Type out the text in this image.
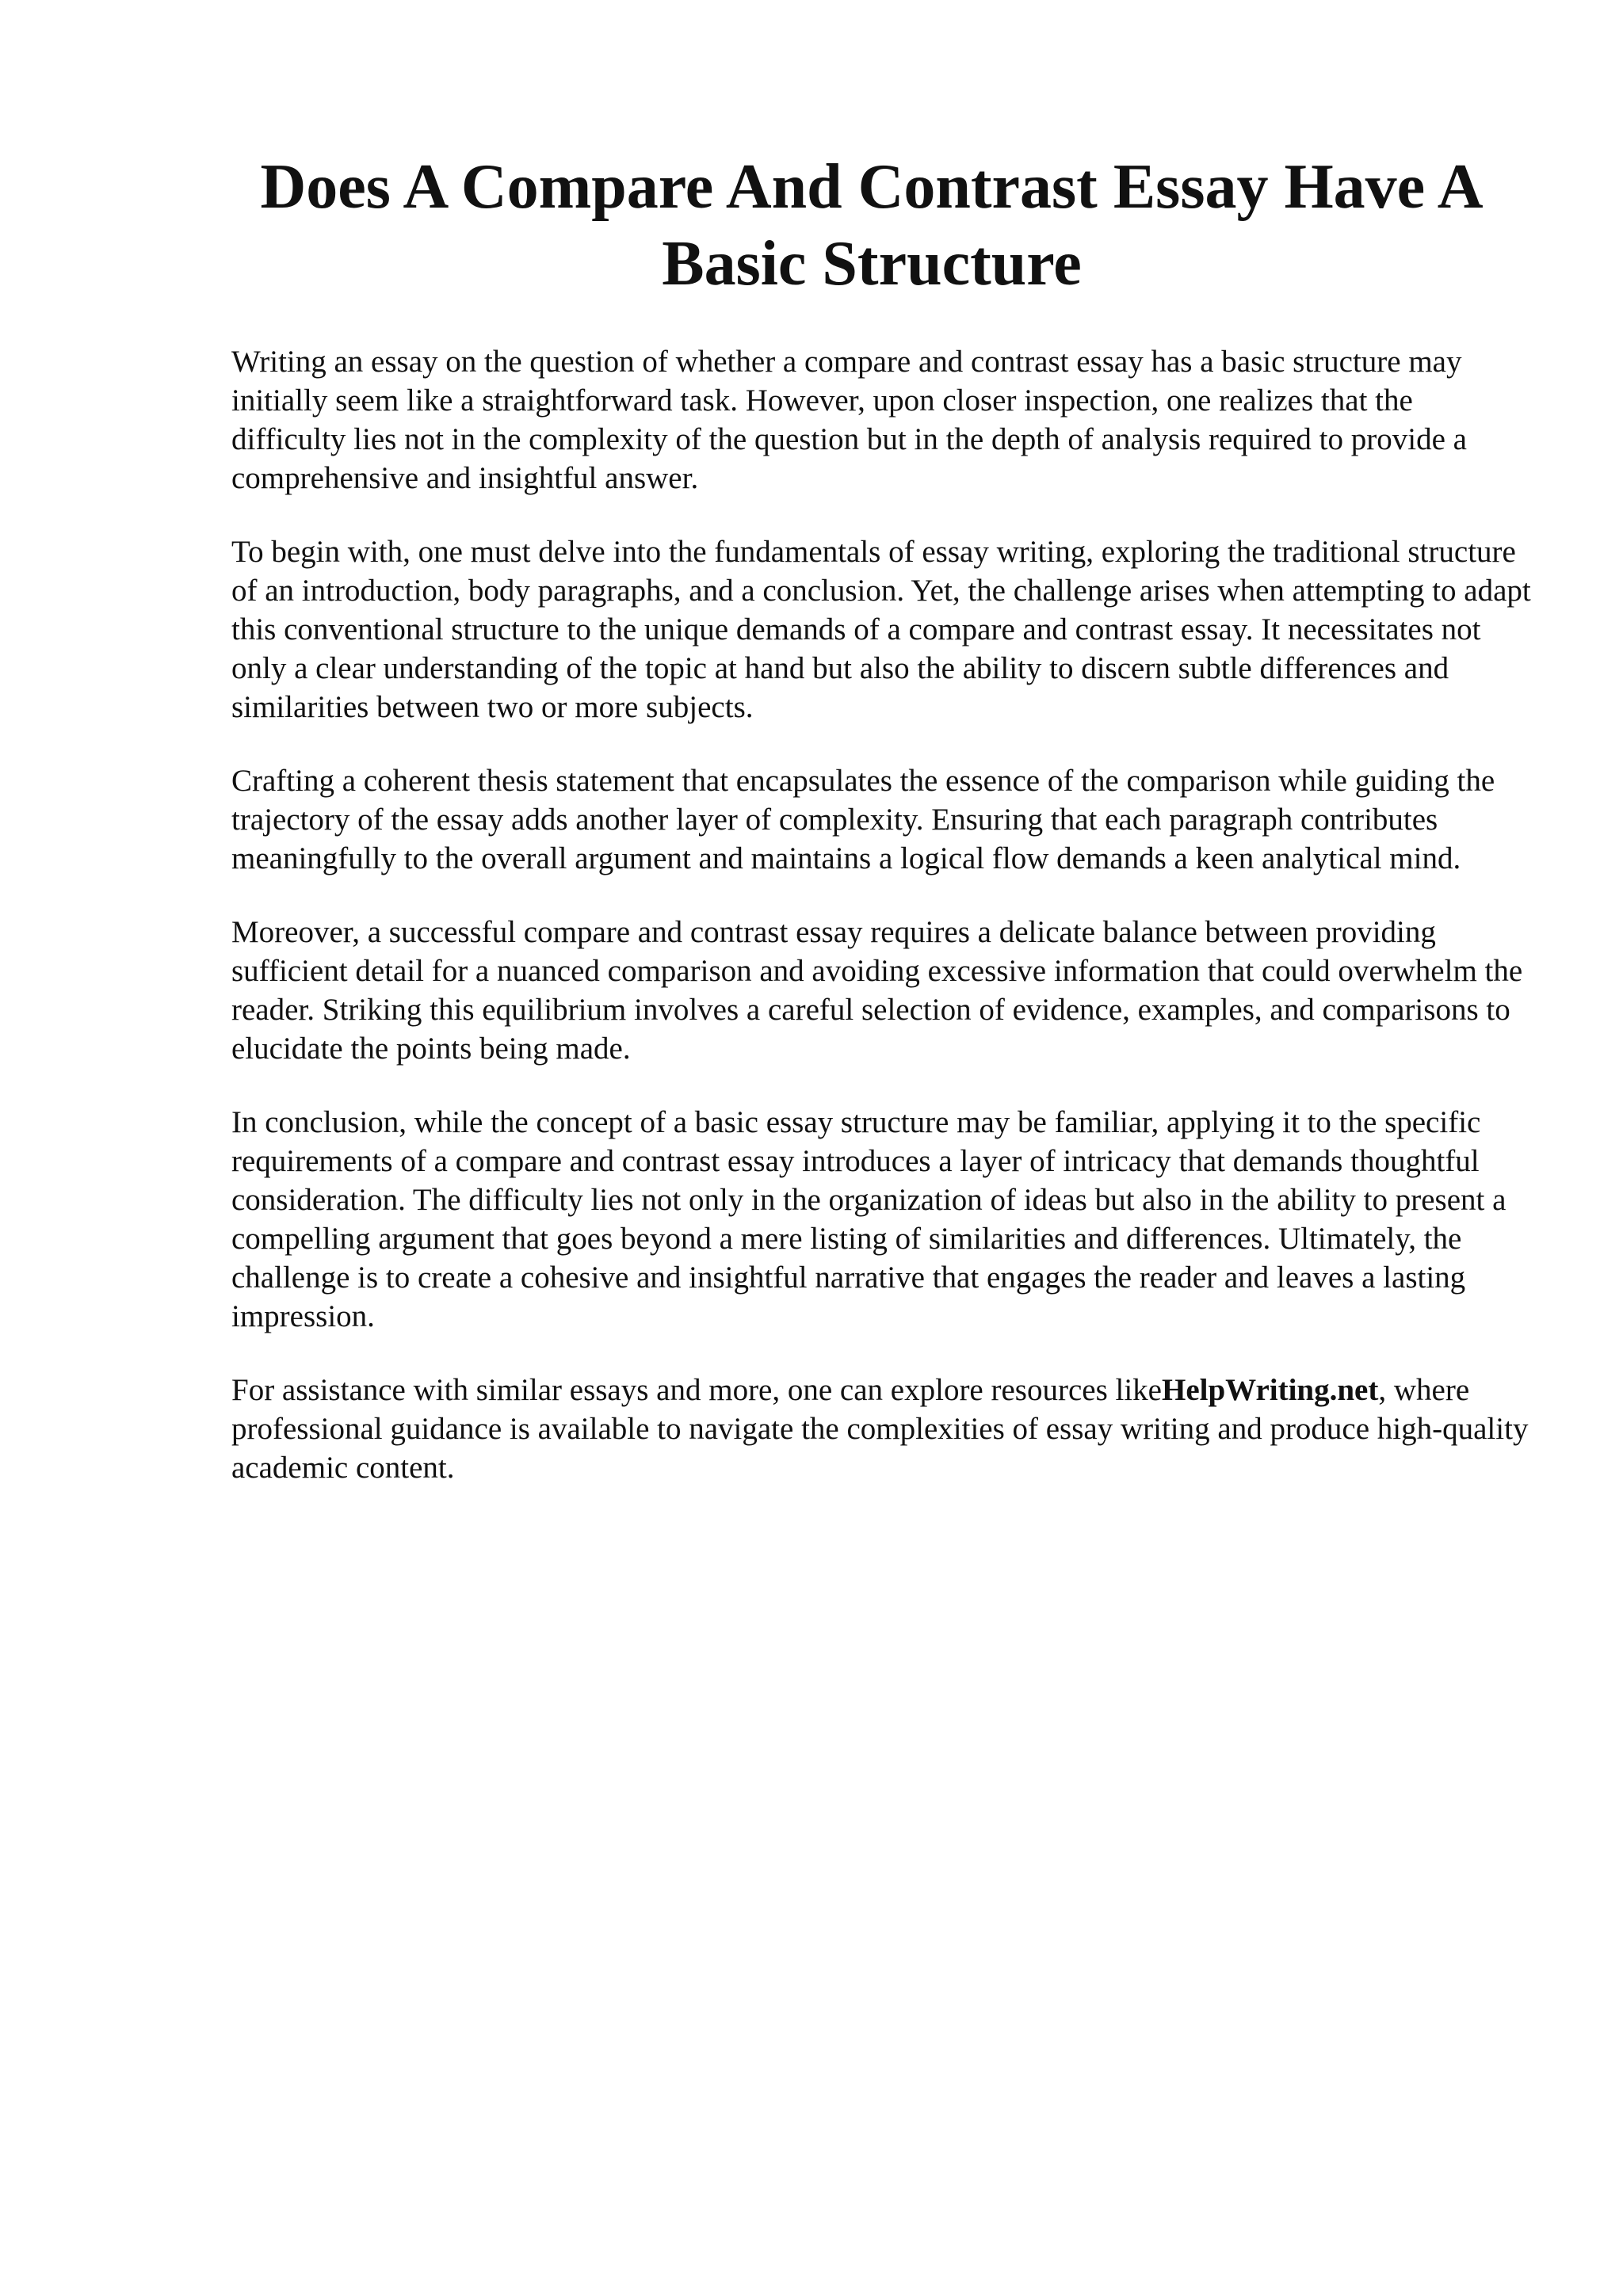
Does A Compare And Contrast Essay Have A Basic Structure

Writing an essay on the question of whether a compare and contrast essay has a basic structure may initially seem like a straightforward task. However, upon closer inspection, one realizes that the difficulty lies not in the complexity of the question but in the depth of analysis required to provide a comprehensive and insightful answer.

To begin with, one must delve into the fundamentals of essay writing, exploring the traditional structure of an introduction, body paragraphs, and a conclusion. Yet, the challenge arises when attempting to adapt this conventional structure to the unique demands of a compare and contrast essay. It necessitates not only a clear understanding of the topic at hand but also the ability to discern subtle differences and similarities between two or more subjects.

Crafting a coherent thesis statement that encapsulates the essence of the comparison while guiding the trajectory of the essay adds another layer of complexity. Ensuring that each paragraph contributes meaningfully to the overall argument and maintains a logical flow demands a keen analytical mind.

Moreover, a successful compare and contrast essay requires a delicate balance between providing sufficient detail for a nuanced comparison and avoiding excessive information that could overwhelm the reader. Striking this equilibrium involves a careful selection of evidence, examples, and comparisons to elucidate the points being made.

In conclusion, while the concept of a basic essay structure may be familiar, applying it to the specific requirements of a compare and contrast essay introduces a layer of intricacy that demands thoughtful consideration. The difficulty lies not only in the organization of ideas but also in the ability to present a compelling argument that goes beyond a mere listing of similarities and differences. Ultimately, the challenge is to create a cohesive and insightful narrative that engages the reader and leaves a lasting impression.

For assistance with similar essays and more, one can explore resources likeHelpWriting.net, where professional guidance is available to navigate the complexities of essay writing and produce high-quality academic content.
